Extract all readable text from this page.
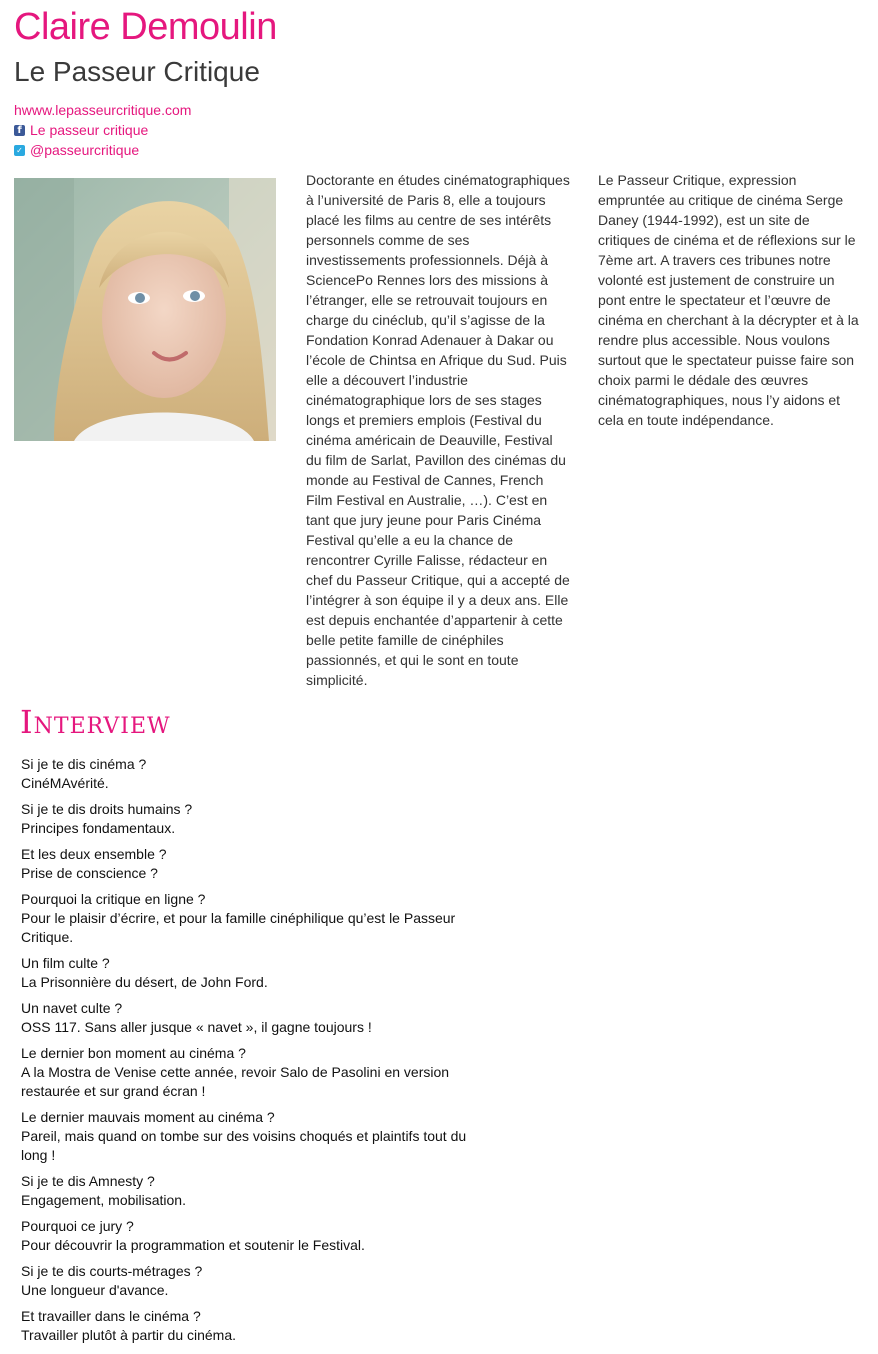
Claire Demoulin
Le Passeur Critique
hwww.lepasseurcritique.com
f Le passeur critique
✓ @passeurcritique
Doctorante en études cinématographiques à l’université de Paris 8, elle a toujours placé les films au centre de ses intérêts personnels comme de ses investissements professionnels. Déjà à SciencePo Rennes lors des missions à l’étranger, elle se retrouvait toujours en charge du cinéclub, qu’il s’agisse de la Fondation Konrad Adenauer à Dakar ou l’école de Chintsa en Afrique du Sud. Puis elle a découvert l’industrie cinématographique lors de ses stages longs et premiers emplois (Festival du cinéma américain de Deauville, Festival du film de Sarlat, Pavillon des cinémas du monde au Festival de Cannes, French Film Festival en Australie, …). C’est en tant que jury jeune pour Paris Cinéma Festival qu’elle a eu la chance de rencontrer Cyrille Falisse, rédacteur en chef du Passeur Critique, qui a accepté de l’intégrer à son équipe il y a deux ans. Elle est depuis enchantée d’appartenir à cette belle petite famille de cinéphiles passionnés, et qui le sont en toute simplicité.
Le Passeur Critique, expression empruntée au critique de cinéma Serge Daney (1944-1992), est un site de critiques de cinéma et de réflexions sur le 7ème art. A travers ces tribunes notre volonté est justement de construire un pont entre le spectateur et l’œuvre de cinéma en cherchant à la décrypter et à la rendre plus accessible. Nous voulons surtout que le spectateur puisse faire son choix parmi le dédale des œuvres cinématographiques, nous l’y aidons et cela en toute indépendance.
Interview
Si je te dis cinéma ?
CinéMAvérité.
Si je te dis droits humains ?
Principes fondamentaux.
Et les deux ensemble ?
Prise de conscience ?
Pourquoi la critique en ligne ?
Pour le plaisir d’écrire, et pour la famille cinéphilique qu’est le Passeur Critique.
Un film culte ?
La Prisonnière du désert, de John Ford.
Un navet culte ?
OSS 117. Sans aller jusque « navet », il gagne toujours !
Le dernier bon moment au cinéma ?
A la Mostra de Venise cette année, revoir Salo de Pasolini en version restaurée et sur grand écran !
Le dernier mauvais moment au cinéma ?
Pareil, mais quand on tombe sur des voisins choqués et plaintifs tout du long !
Si je te dis Amnesty ?
Engagement, mobilisation.
Pourquoi ce jury ?
Pour découvrir la programmation et soutenir le Festival.
Si je te dis courts-métrages ?
Une longueur d'avance.
Et travailler dans le cinéma ?
Travailler plutôt à partir du cinéma.
